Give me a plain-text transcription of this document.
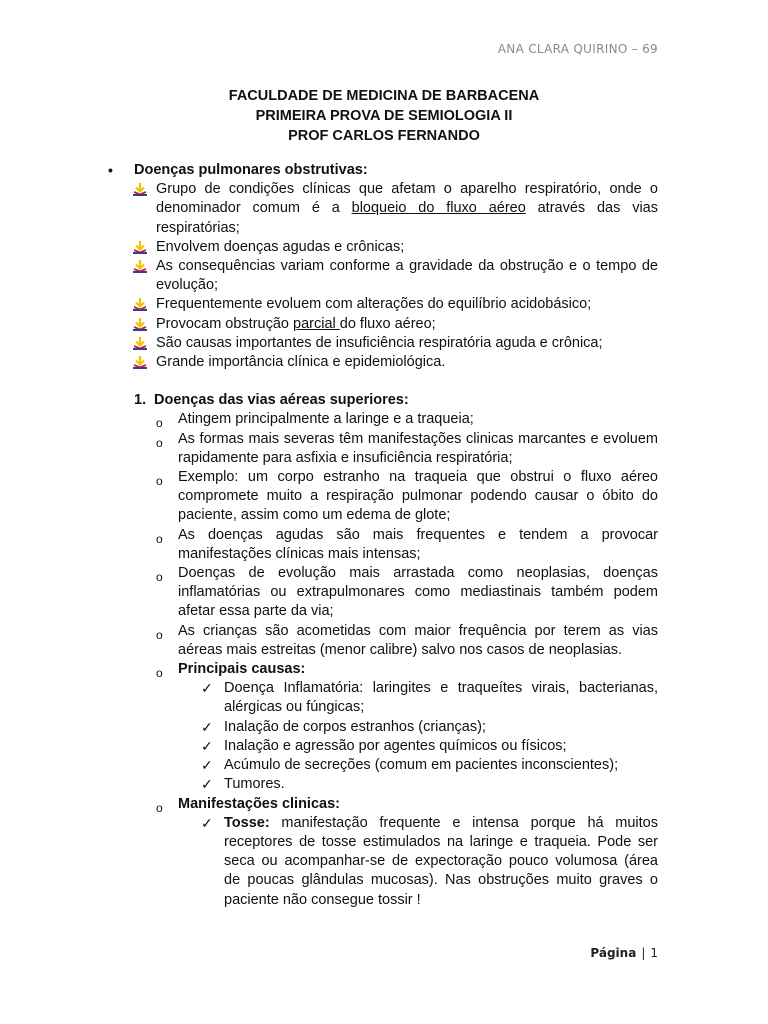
ANA CLARA QUIRINO – 69
FACULDADE DE MEDICINA DE BARBACENA
PRIMEIRA PROVA DE SEMIOLOGIA II
PROF CARLOS FERNANDO
• Doenças pulmonares obstrutivas:
Grupo de condições clínicas que afetam o aparelho respiratório, onde o denominador comum é a bloqueio do fluxo aéreo através das vias respiratórias;
Envolvem doenças agudas e crônicas;
As consequências variam conforme a gravidade da obstrução e o tempo de evolução;
Frequentemente evoluem com alterações do equilíbrio acidobásico;
Provocam obstrução parcial do fluxo aéreo;
São causas importantes de insuficiência respiratória aguda e crônica;
Grande importância clínica e epidemiológica.
1. Doenças das vias aéreas superiores:
o Atingem principalmente a laringe e a traqueia;
o As formas mais severas têm manifestações clinicas marcantes e evoluem rapidamente para asfixia e insuficiência respiratória;
o Exemplo: um corpo estranho na traqueia que obstrui o fluxo aéreo compromete muito a respiração pulmonar podendo causar o óbito do paciente, assim como um edema de glote;
o As doenças agudas são mais frequentes e tendem a provocar manifestações clínicas mais intensas;
o Doenças de evolução mais arrastada como neoplasias, doenças inflamatórias ou extrapulmonares como mediastinais também podem afetar essa parte da via;
o As crianças são acometidas com maior frequência por terem as vias aéreas mais estreitas (menor calibre) salvo nos casos de neoplasias.
o Principais causas:
✓ Doença Inflamatória: laringites e traqueítes virais, bacterianas, alérgicas ou fúngicas;
✓ Inalação de corpos estranhos (crianças);
✓ Inalação e agressão por agentes químicos ou físicos;
✓ Acúmulo de secreções (comum em pacientes inconscientes);
✓ Tumores.
o Manifestações clinicas:
✓ Tosse: manifestação frequente e intensa porque há muitos receptores de tosse estimulados na laringe e traqueia. Pode ser seca ou acompanhar-se de expectoração pouco volumosa (área de poucas glândulas mucosas). Nas obstruções muito graves o paciente não consegue tossir !
Página | 1
